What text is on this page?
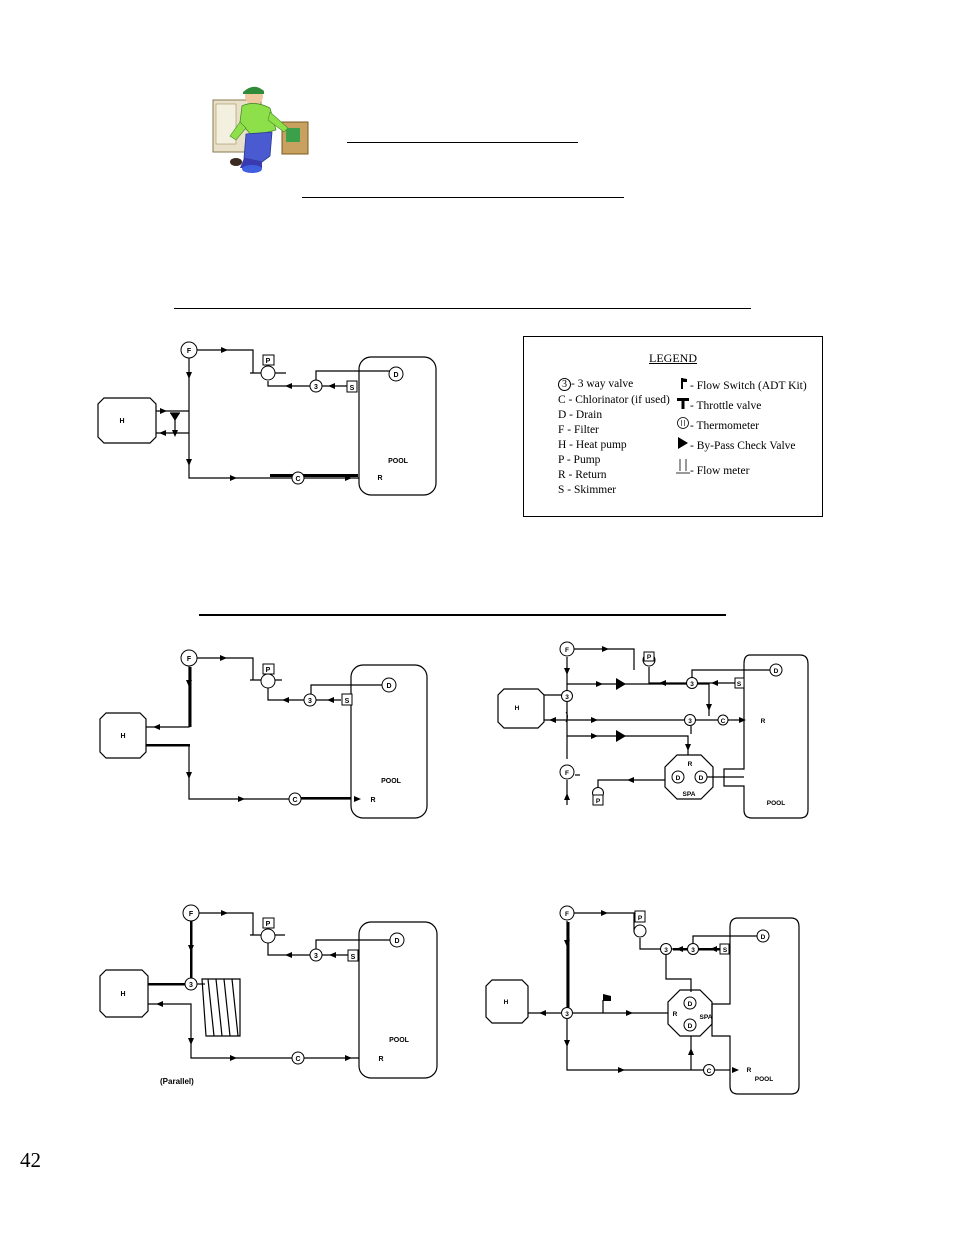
LEGEND
3 - 3 way valve
C - Chlorinator (if used)
D - Drain
F - Filter
H - Heat pump
P - Pump
R - Return
S - Skimmer
- Flow Switch (ADT Kit)
- Throttle valve
- Thermometer
- By-Pass Check Valve
- Flow meter
F
P
3	S
D
C	R
POOL
H
F
P
3	S
D
C	R
POOL
H
F
P
3	S
D
3
3	C	R
F
P
R
D	D
SPA
POOL
H
F
P
3	S
D
3
C	R
POOL
H
(Parallel)
F
P
3	3	S
D
3	R
D
D
SPA
C	R
POOL
H
42
